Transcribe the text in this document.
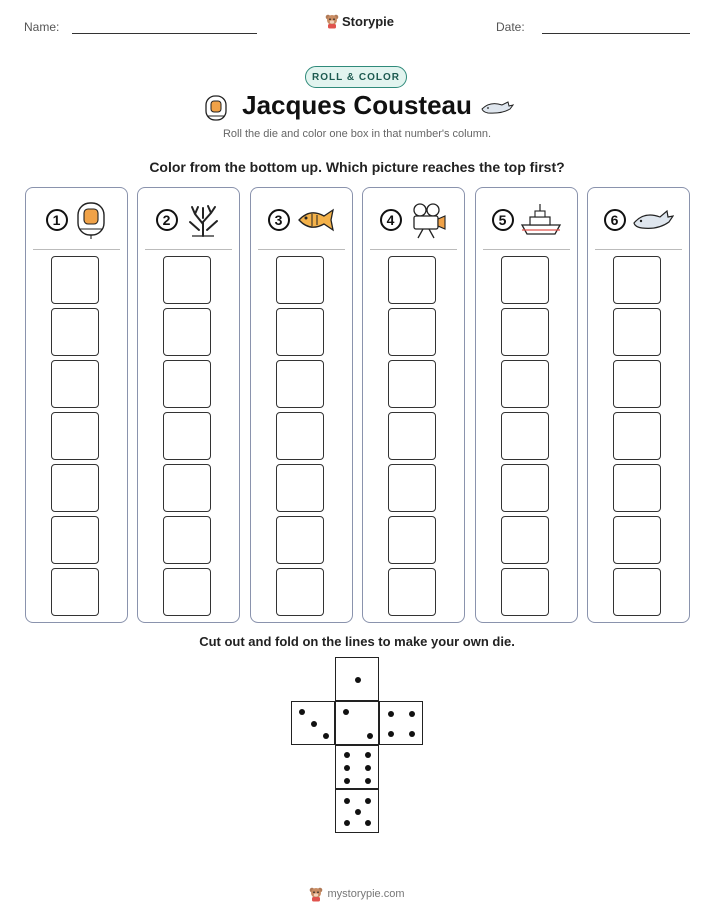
Name:	Storypie	Date:
ROLL & COLOR
Jacques Cousteau
Roll the die and color one box in that number's column.
Color from the bottom up. Which picture reaches the top first?
1	2	3	4	5	6
Cut out and fold on the lines to make your own die.
mystorypie.com
